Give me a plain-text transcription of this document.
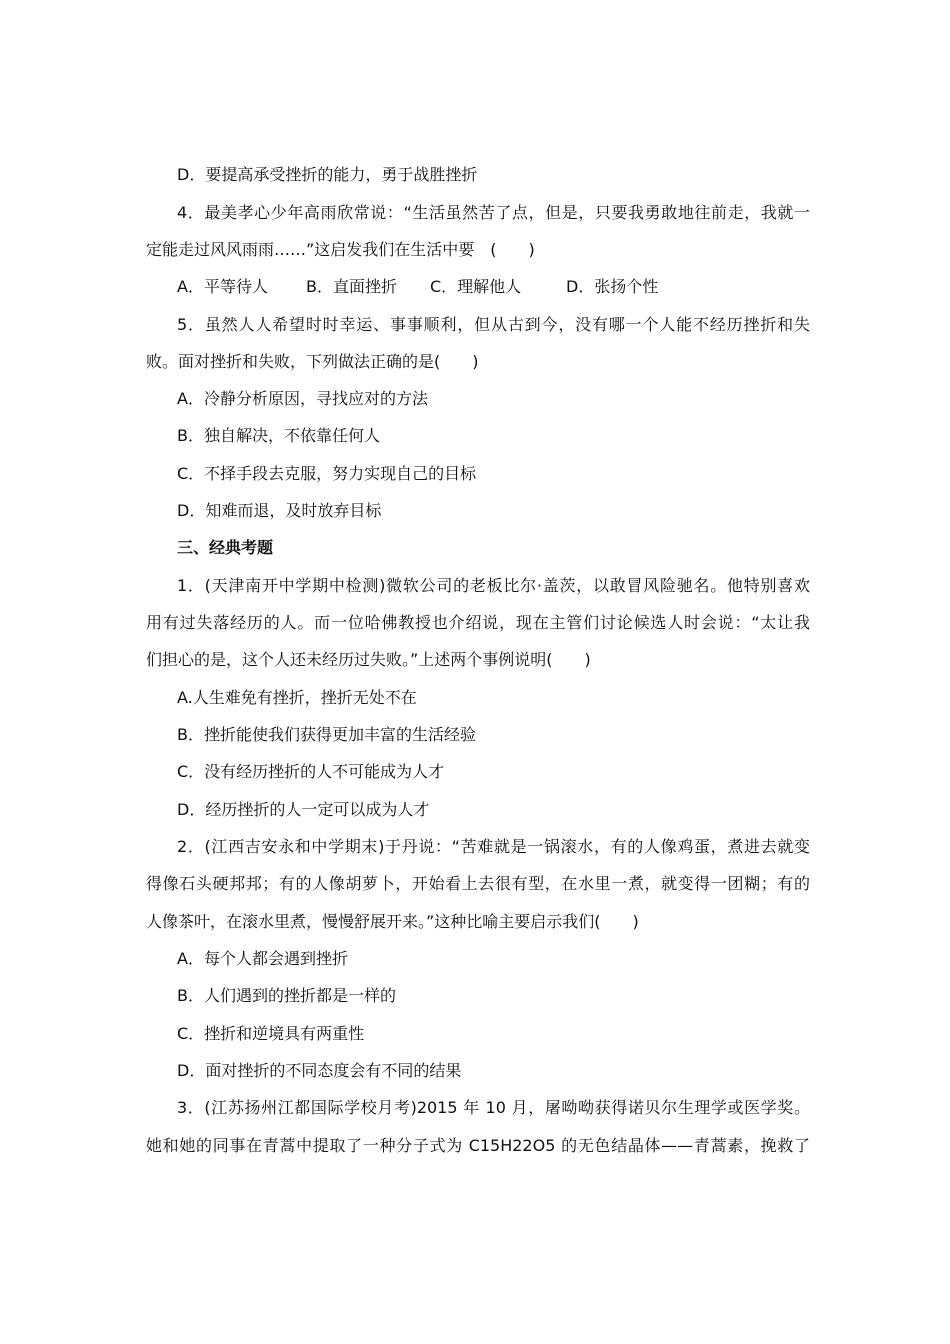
D．要提高承受挫折的能力，勇于战胜挫折
4．最美孝心少年高雨欣常说：“生活虽然苦了点，但是，只要我勇敢地往前走，我就一
定能走过风风雨雨……”这启发我们在生活中要　(　　)
A．平等待人 B．直面挫折 C．理解他人	D．张扬个性
5．虽然人人希望时时幸运、事事顺利，但从古到今，没有哪一个人能不经历挫折和失
败。面对挫折和失败，下列做法正确的是(　　)
A．冷静分析原因，寻找应对的方法
B．独自解决，不依靠任何人
C．不择手段去克服，努力实现自己的目标
D．知难而退，及时放弃目标
三、经典考题
1．(天津南开中学期中检测)微软公司的老板比尔·盖茨，以敢冒风险驰名。他特别喜欢
用有过失落经历的人。而一位哈佛教授也介绍说，现在主管们讨论候选人时会说：“太让我
们担心的是，这个人还未经历过失败。”上述两个事例说明(　　)
A.人生难免有挫折，挫折无处不在
B．挫折能使我们获得更加丰富的生活经验
C．没有经历挫折的人不可能成为人才
D．经历挫折的人一定可以成为人才
2．(江西吉安永和中学期末)于丹说：“苦难就是一锅滚水，有的人像鸡蛋，煮进去就变
得像石头硬邦邦；有的人像胡萝卜，开始看上去很有型，在水里一煮，就变得一团糊；有的
人像茶叶，在滚水里煮，慢慢舒展开来。”这种比喻主要启示我们(　　)
A．每个人都会遇到挫折
B．人们遇到的挫折都是一样的
C．挫折和逆境具有两重性
D．面对挫折的不同态度会有不同的结果
3．(江苏扬州江都国际学校月考)2015 年 10 月，屠呦呦获得诺贝尔生理学或医学奖。
她和她的同事在青蒿中提取了一种分子式为 C15H22O5 的无色结晶体——青蒿素，挽救了
